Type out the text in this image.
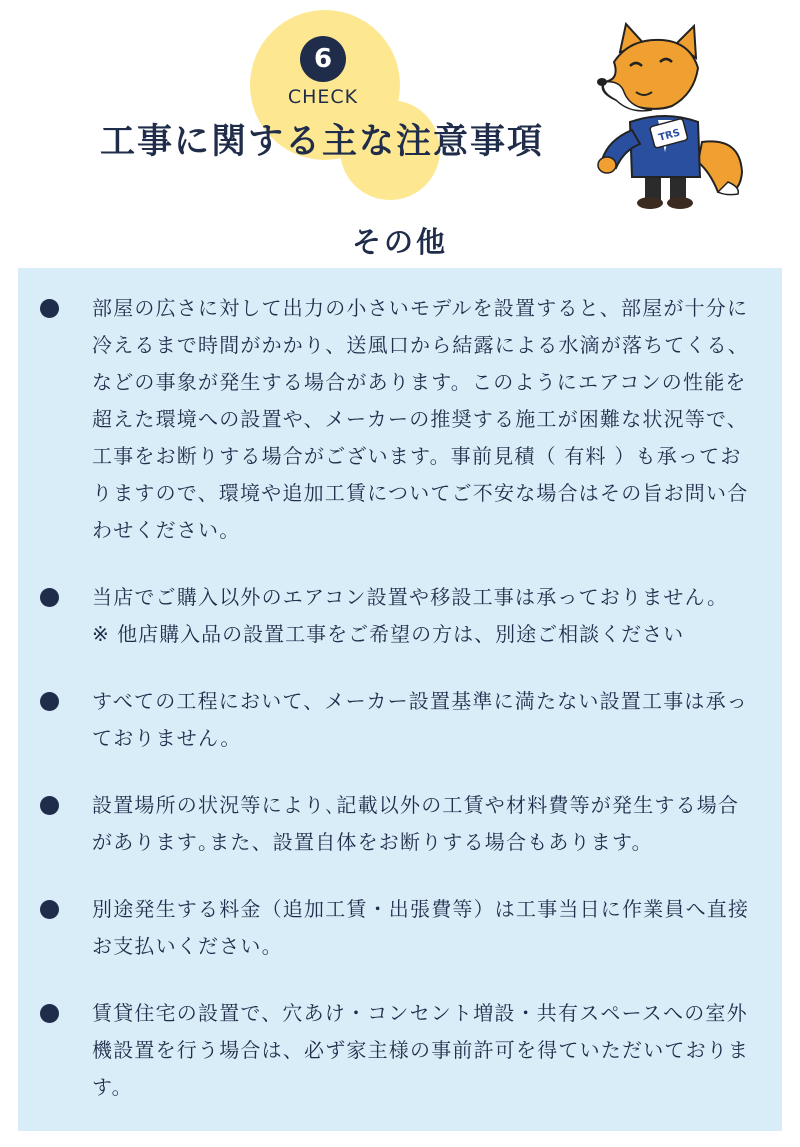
6
CHECK
工事に関する主な注意事項	TRS
その他
部屋の広さに対して出力の小さいモデルを設置すると、部屋が十分に冷えるまで時間がかかり、送風口から結露による水滴が落ちてくる、などの事象が発生する場合があります。このようにエアコンの性能を超えた環境への設置や、メーカーの推奨する施工が困難な状況等で、工事をお断りする場合がございます。事前見積（ 有料 ）も承っておりますので、環境や追加工賃についてご不安な場合はその旨お問い合わせください。
当店でご購入以外のエアコン設置や移設工事は承っておりません。
※ 他店購入品の設置工事をご希望の方は、別途ご相談ください
すべての工程において、メーカー設置基準に満たない設置工事は承っておりません。
設置場所の状況等により､記載以外の工賃や材料費等が発生する場合があります｡また、設置自体をお断りする場合もあります。
別途発生する料金（追加工賃・出張費等）は工事当日に作業員へ直接お支払いください。
賃貸住宅の設置で、穴あけ・コンセント増設・共有スペースへの室外機設置を行う場合は、必ず家主様の事前許可を得ていただいております。
